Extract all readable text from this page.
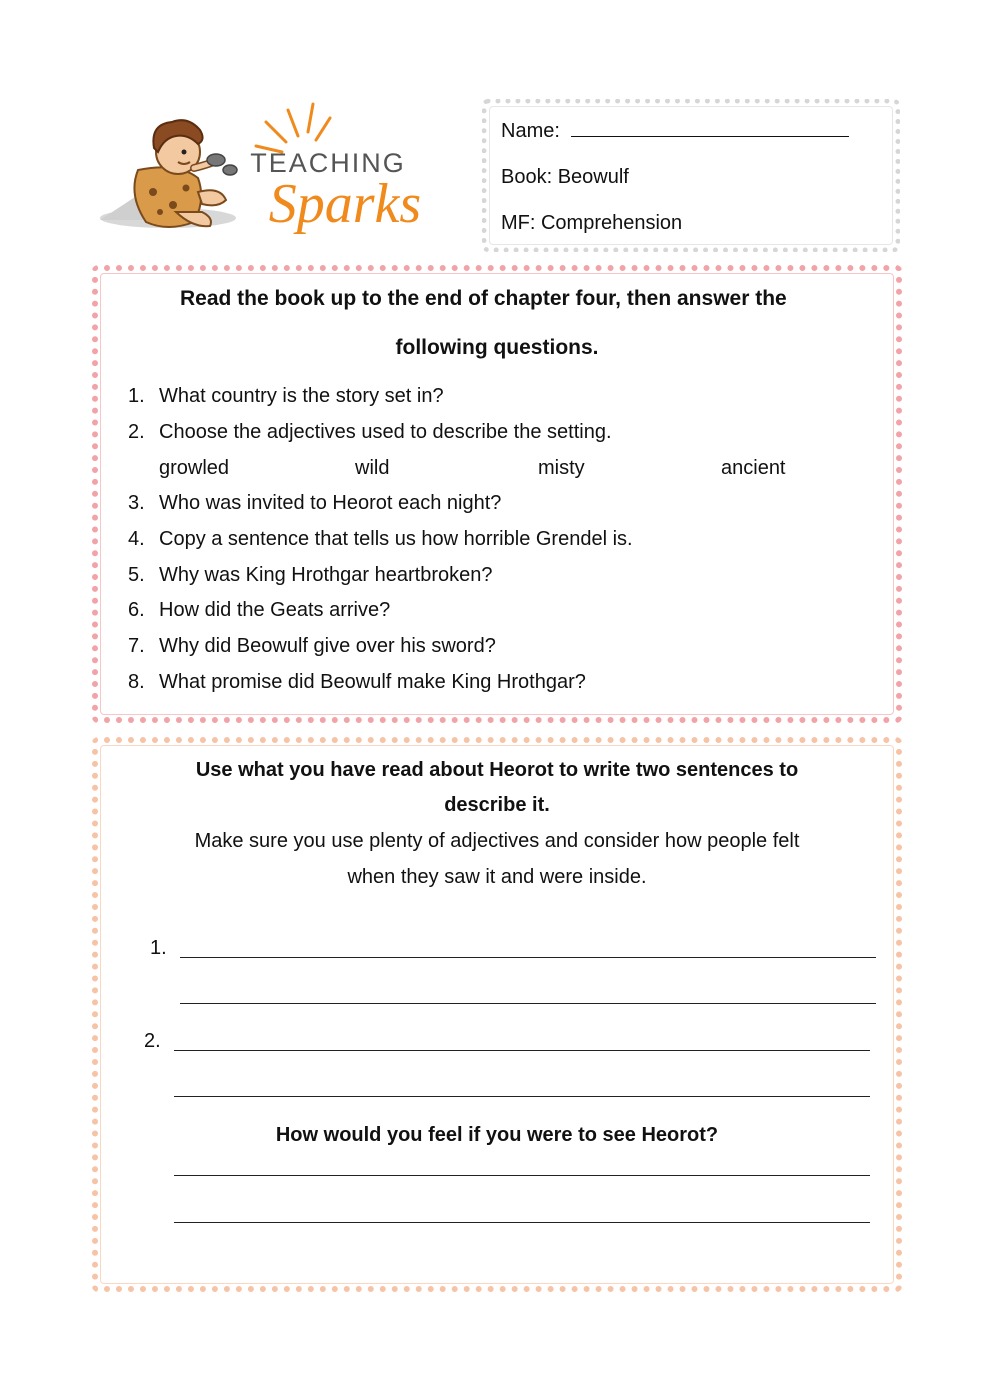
TEACHING
Sparks
Name:
Book: Beowulf
MF: Comprehension
Read the book up to the end of chapter four, then answer the
following questions.
1. What country is the story set in?
2. Choose the adjectives used to describe the setting.
growled	wild	misty	ancient
3. Who was invited to Heorot each night?
4. Copy a sentence that tells us how horrible Grendel is.
5. Why was King Hrothgar heartbroken?
6. How did the Geats arrive?
7. Why did Beowulf give over his sword?
8. What promise did Beowulf make King Hrothgar?
Use what you have read about Heorot to write two sentences to
describe it.
Make sure you use plenty of adjectives and consider how people felt
when they saw it and were inside.
1.
2.
How would you feel if you were to see Heorot?
